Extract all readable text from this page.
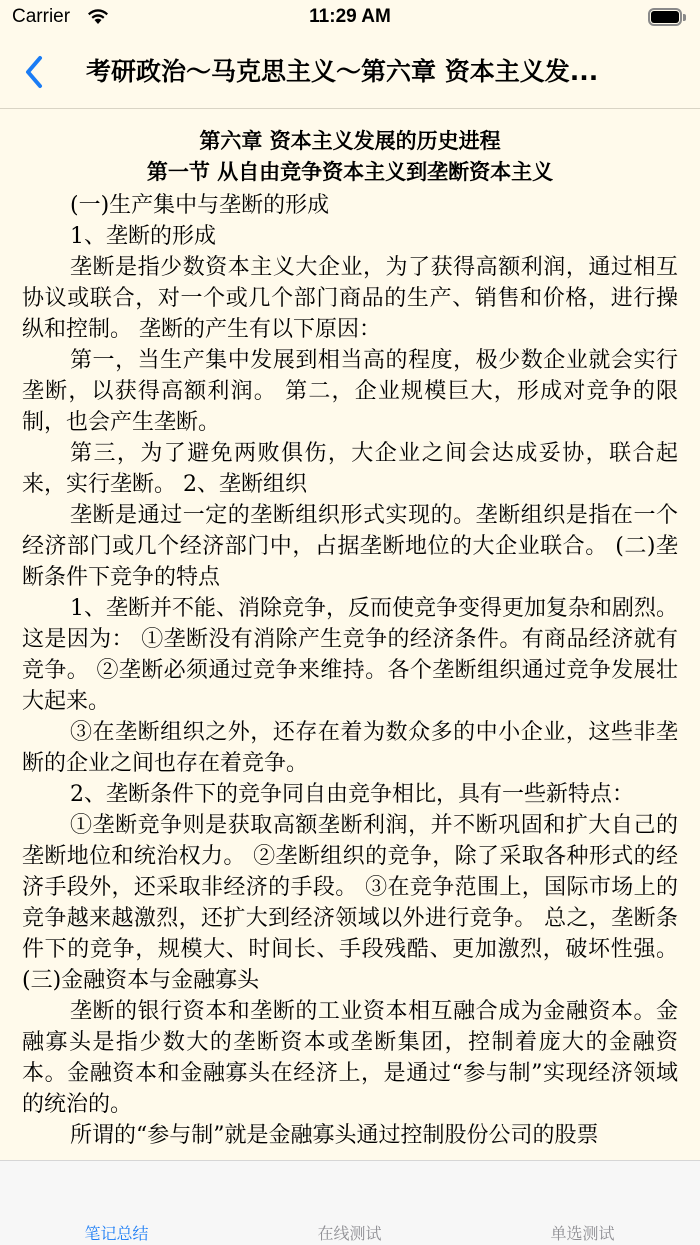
Carrier	11:29 AM
考研政治～马克思主义～第六章 资本主义发...
第六章 资本主义发展的历史进程
第一节 从自由竞争资本主义到垄断资本主义

(一)生产集中与垄断的形成

1、垄断的形成

垄断是指少数资本主义大企业，为了获得高额利润，通过相互协议或联合，对一个或几个部门商品的生产、销售和价格，进行操纵和控制。 垄断的产生有以下原因：

第一，当生产集中发展到相当高的程度，极少数企业就会实行垄断，以获得高额利润。 第二，企业规模巨大，形成对竞争的限制，也会产生垄断。

第三，为了避免两败俱伤，大企业之间会达成妥协，联合起来，实行垄断。 2、垄断组织

垄断是通过一定的垄断组织形式实现的。垄断组织是指在一个经济部门或几个经济部门中，占据垄断地位的大企业联合。 (二)垄断条件下竞争的特点

1、垄断并不能、消除竞争，反而使竞争变得更加复杂和剧烈。这是因为： ①垄断没有消除产生竞争的经济条件。有商品经济就有竞争。 ②垄断必须通过竞争来维持。各个垄断组织通过竞争发展壮大起来。

③在垄断组织之外，还存在着为数众多的中小企业，这些非垄断的企业之间也存在着竞争。

2、垄断条件下的竞争同自由竞争相比，具有一些新特点：

①垄断竞争则是获取高额垄断利润，并不断巩固和扩大自己的垄断地位和统治权力。 ②垄断组织的竞争，除了采取各种形式的经济手段外，还采取非经济的手段。 ③在竞争范围上，国际市场上的竞争越来越激烈，还扩大到经济领域以外进行竞争。 总之，垄断条件下的竞争，规模大、时间长、手段残酷、更加激烈，破坏性强。 (三)金融资本与金融寡头

垄断的银行资本和垄断的工业资本相互融合成为金融资本。金融寡头是指少数大的垄断资本或垄断集团，控制着庞大的金融资本。金融资本和金融寡头在经济上，是通过“参与制”实现经济领域的统治的。

所谓的“参与制”就是金融寡头通过控制股份公司的股票

笔记总结	在线测试	单选测试
